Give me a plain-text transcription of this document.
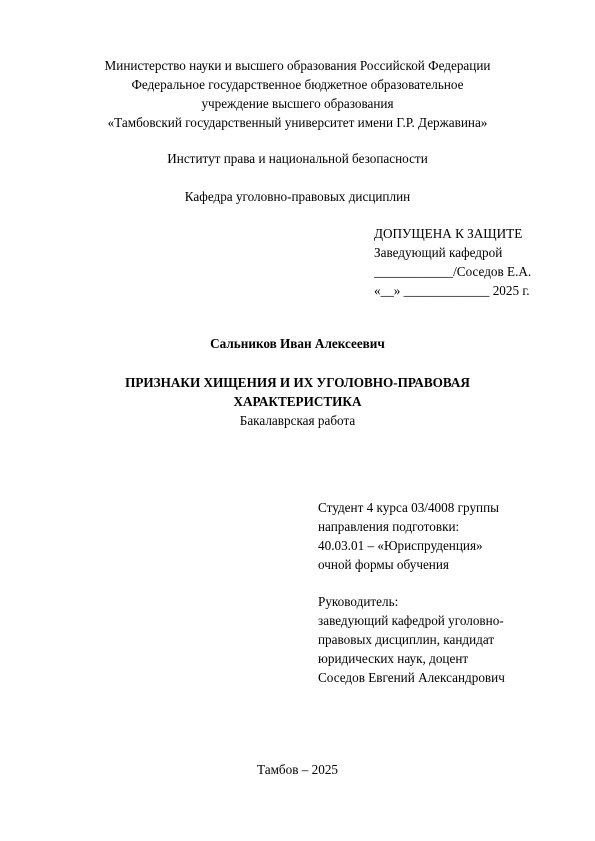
Министерство науки и высшего образования Российской Федерации
Федеральное государственное бюджетное образовательное
учреждение высшего образования
«Тамбовский государственный университет имени Г.Р. Державина»
Институт права и национальной безопасности
Кафедра уголовно-правовых дисциплин
ДОПУЩЕНА К ЗАЩИТЕ
Заведующий кафедрой
____________/Соседов Е.А.
«__» _____________ 2025 г.
Сальников Иван Алексеевич
ПРИЗНАКИ ХИЩЕНИЯ И ИХ УГОЛОВНО-ПРАВОВАЯ
ХАРАКТЕРИСТИКА
Бакалаврская работа
Студент 4 курса 03/4008 группы
направления подготовки:
40.03.01 – «Юриспруденция»
очной формы обучения
Руководитель:
заведующий кафедрой уголовно-
правовых дисциплин, кандидат
юридических наук, доцент
Соседов Евгений Александрович
Тамбов – 2025
